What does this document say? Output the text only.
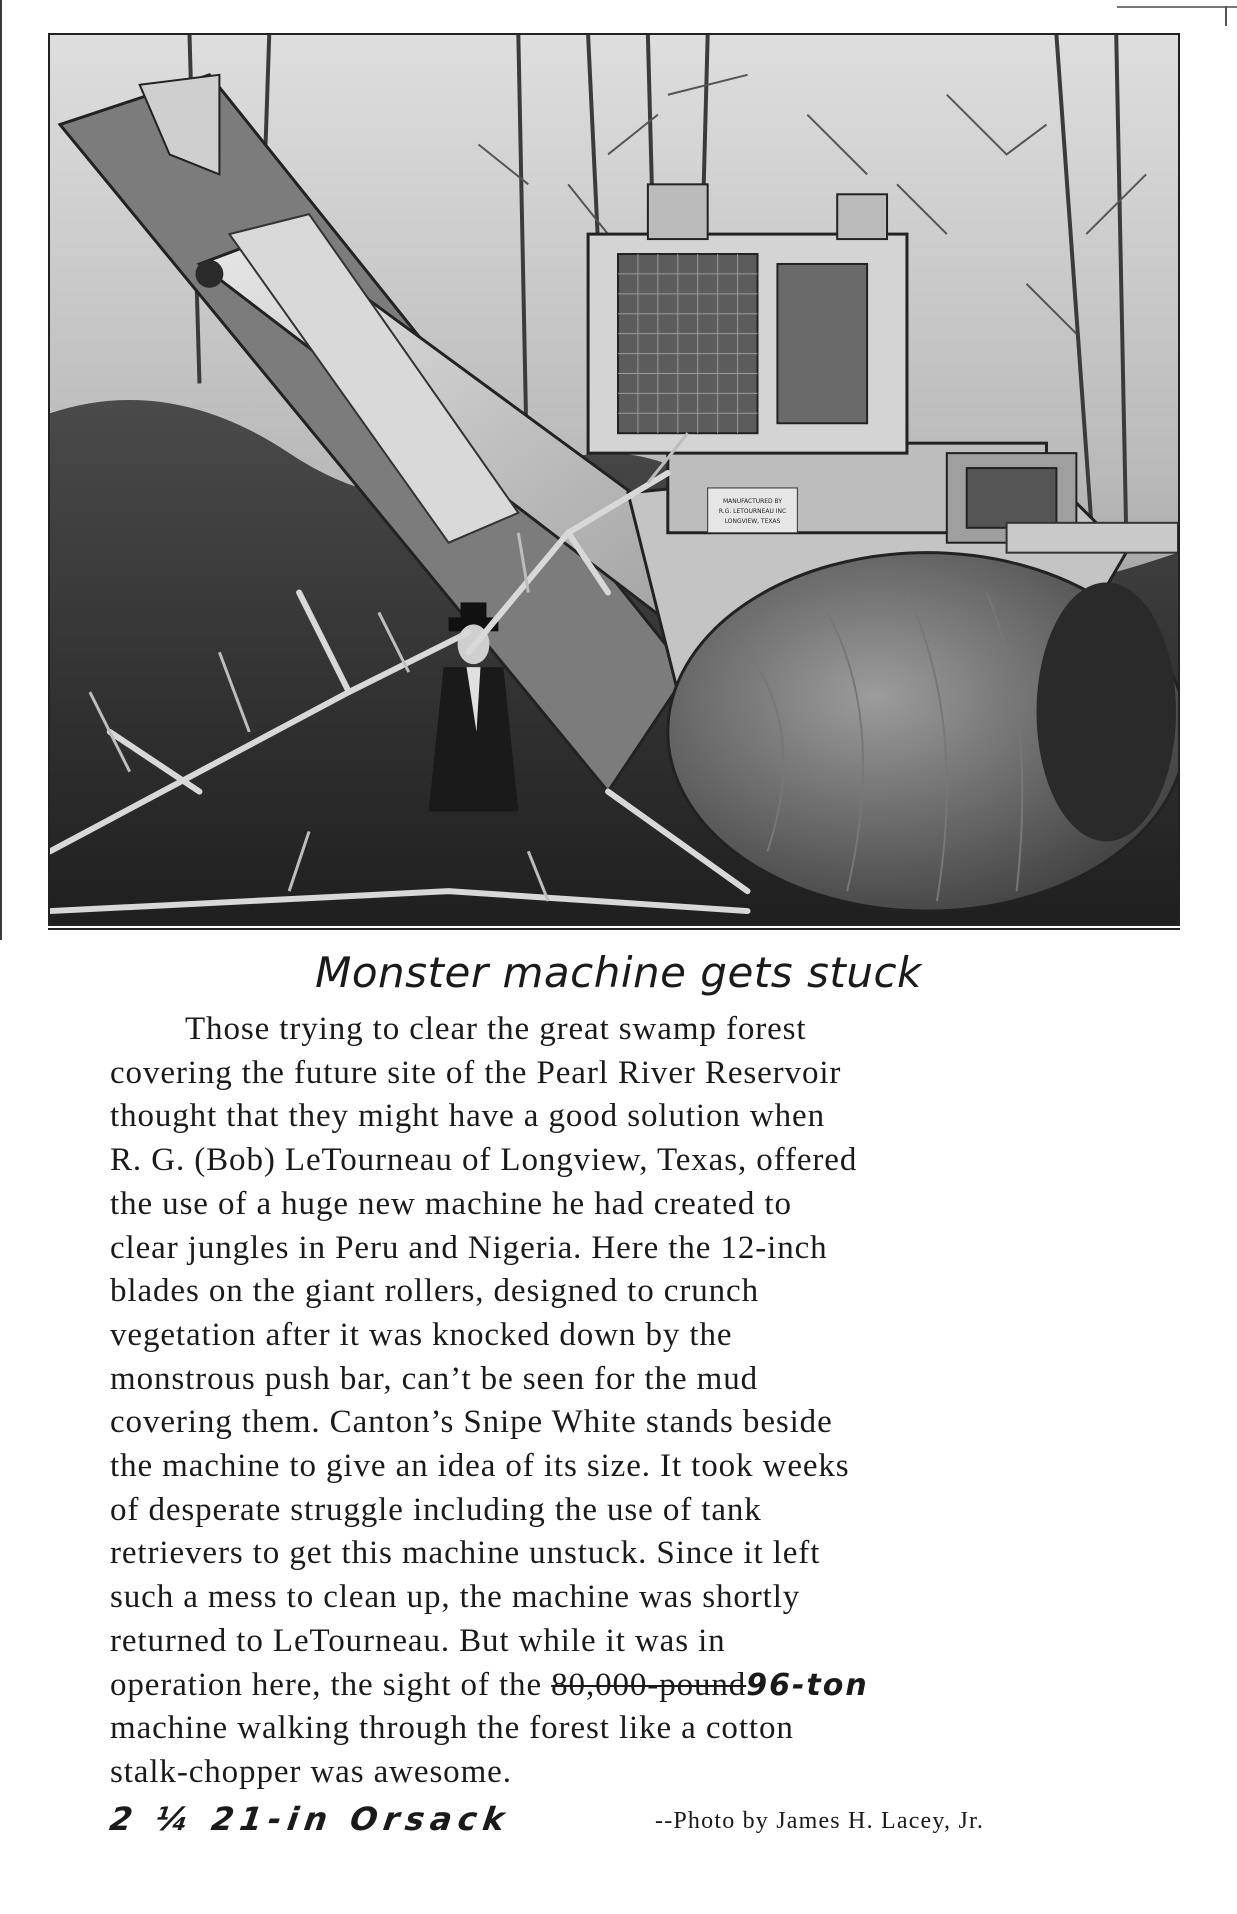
MANUFACTURED BY
R.G. LETOURNEAU INC
LONGVIEW, TEXAS
Monster machine gets stuck
Those trying to clear the great swamp forest
covering the future site of the Pearl River Reservoir
thought that they might have a good solution when
R. G. (Bob) LeTourneau of Longview, Texas, offered
the use of a huge new machine he had created to
clear jungles in Peru and Nigeria. Here the 12-inch
blades on the giant rollers, designed to crunch
vegetation after it was knocked down by the
monstrous push bar, can’t be seen for the mud
covering them. Canton’s Snipe White stands beside
the machine to give an idea of its size. It took weeks
of desperate struggle including the use of tank
retrievers to get this machine unstuck. Since it left
such a mess to clean up, the machine was shortly
returned to LeTourneau. But while it was in
operation here, the sight of the 80,000-pound96-ton
machine walking through the forest like a cotton
stalk-chopper was awesome.
2 ¼ 21-in Orsack	--Photo by James H. Lacey, Jr.
